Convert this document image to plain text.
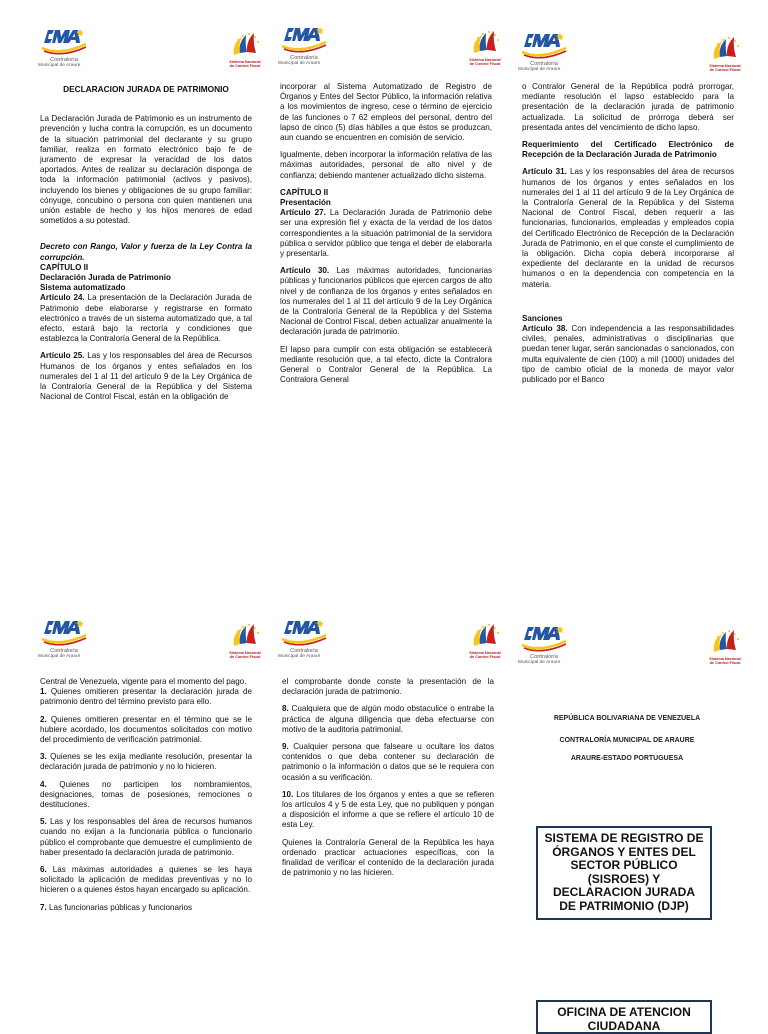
Contraloría
Municipal de Araure
Sistema Nacional
de Control Fiscal
Contraloría
Municipal de Araure
Sistema Nacional
de Control Fiscal	Contraloría
Municipal de Araure
Sistema Nacional
de Control Fiscal
Contraloría
Municipal de Araure
Sistema Nacional
de Control Fiscal
Contraloría
Municipal de Araure
Sistema Nacional
de Control Fiscal	Contraloría
Municipal de Araure
Sistema Nacional
de Control Fiscal

DECLARACION JURADA DE PATRIMONIO

La Declaración Jurada de Patrimonio es un instrumento de prevención y lucha contra la corrupción, es un documento de la situación patrimonial del declarante y su grupo familiar, realiza en formato electrónico bajo fe de juramento de expresar la veracidad de los datos aportados. Antes de realizar su declaración disponga de toda la información patrimonial (activos y pasivos), incluyendo los bienes y obligaciones de su grupo familiar: cónyuge, concubino o persona con quien mantienen una unión estable de hecho y los hijos menores de edad sometidos a su potestad.

Decreto con Rango, Valor y fuerza de la Ley Contra la corrupción.

CAPÍTULO II

Declaración Jurada de Patrimonio

Sistema automatizado

Artículo 24. La presentación de la Declaración Jurada de Patrimonio debe elaborarse y registrarse en formato electrónico a través de un sistema automatizado que, a tal efecto, estará bajo la rectoría y condiciones que establezca la Contraloría General de la República.

Artículo 25. Las y los responsables del área de Recursos Humanos de los órganos y entes señalados en los numerales del 1 al 11 del artículo 9 de la Ley Orgánica de la Contraloría General de la República y del Sistema Nacional de Control Fiscal, están en la obligación de

incorporar al Sistema Automatizado de Registro de Órganos y Entes del Sector Público, la información relativa a los movimientos de ingreso, cese o término de ejercicio de las funciones o 7 62 empleos del personal, dentro del lapso de cinco (5) días hábiles a que éstos se produzcan, aun cuando se encuentren en comisión de servicio.

Igualmente, deben incorporar la información relativa de las máximas autoridades, personal de alto nivel y de confianza; debiendo mantener actualizado dicho sistema.

CAPÍTULO II

Presentación

Artículo 27. La Declaración Jurada de Patrimonio debe ser una expresión fiel y exacta de la verdad de los datos correspondientes a la situación patrimonial de la servidora pública o servidor público que tenga el deber de elaborarla y presentarla.

Artículo 30. Las máximas autoridades, funcionarias públicas y funcionarios públicos que ejercen cargos de alto nivel y de confianza de los órganos y entes señalados en los numerales del 1 al 11 del artículo 9 de la Ley Orgánica de la Contraloría General de la República y del Sistema Nacional de Control Fiscal, deben actualizar anualmente la declaración jurada de patrimonio.

El lapso para cumplir con esta obligación se establecerá mediante resolución que, a tal efecto, dicte la Contralora General o Contralor General de la República. La Contralora General

o Contralor General de la República podrá prorrogar, mediante resolución el lapso establecido para la presentación de la declaración jurada de patrimonio actualizada. La solicitud de prórroga deberá ser presentada antes del vencimiento de dicho lapso.

Requerimiento del Certificado Electrónico de Recepción de la Declaración Jurada de Patrimonio

Artículo 31. Las y los responsables del área de recursos humanos de los órganos y entes señalados en los numerales del 1 al 11 del artículo 9 de la Ley Orgánica de la Contraloría General de la República y del Sistema Nacional de Control Fiscal, deben requerir a las funcionarias, funcionarios, empleadas y empleados copia del Certificado Electrónico de Recepción de la Declaración Jurada de Patrimonio, en el que conste el cumplimiento de la obligación. Dicha copia deberá incorporarse al expediente del declarante en la unidad de recursos humanos o en la dependencia con competencia en la materia.

Sanciones

Artículo 38. Con independencia a las responsabilidades civiles, penales, administrativas o disciplinarias que puedan tener lugar, serán sancionadas o sancionados, con multa equivalente de cien (100) a mil (1000) unidades del tipo de cambio oficial de la moneda de mayor valor publicado por el Banco

Central de Venezuela, vigente para el momento del pago.

1. Quienes omitieren presentar la declaración jurada de patrimonio dentro del término previsto para ello.

2. Quienes omitieren presentar en el término que se le hubiere acordado, los documentos solicitados con motivo del procedimiento de verificación patrimonial.

3. Quienes se les exija mediante resolución, presentar la declaración jurada de patrimonio y no lo hicieren.

4. Quienes no participen los nombramientos, designaciones, tomas de posesiones, remociones o destituciones.

5. Las y los responsables del área de recursos humanos cuando no exijan a la funcionaria pública o funcionario público el comprobante que demuestre el cumplimiento de haber presentado la declaración jurada de patrimonio.

6. Las máximas autoridades a quienes se les haya solicitado la aplicación de medidas preventivas y no lo hicieren o a quienes éstos hayan encargado su aplicación.

7. Las funcionarias públicas y funcionarios

el comprobante donde conste la presentación de la declaración jurada de patrimonio.

8. Cualquiera que de algún modo obstaculice o entrabe la práctica de alguna diligencia que deba efectuarse con motivo de la auditoria patrimonial.

9. Cualquier persona que falseare u ocultare los datos contenidos o que deba contener su declaración de patrimonio o la información o datos que se le requiera con ocasión a su verificación.

10. Los titulares de los órganos y entes a que se refieren los artículos 4 y 5 de esta Ley, que no publiquen y pongan a disposición el informe a que se refiere el artículo 10 de esta Ley.

Quienes la Contraloría General de la República les haya ordenado practicar actuaciones específicas, con la finalidad de verificar el contenido de la declaración jurada de patrimonio y no las hicieren.

REPÚBLICA BOLIVARIANA DE VENEZUELA
CONTRALORÍA MUNICIPAL DE ARAURE
ARAURE-ESTADO PORTUGUESA
SISTEMA DE REGISTRO DE ÓRGANOS Y ENTES DEL SECTOR PÚBLICO (SISROES) Y DECLARACION JURADA DE PATRIMONIO (DJP)
OFICINA DE ATENCION CIUDADANA
